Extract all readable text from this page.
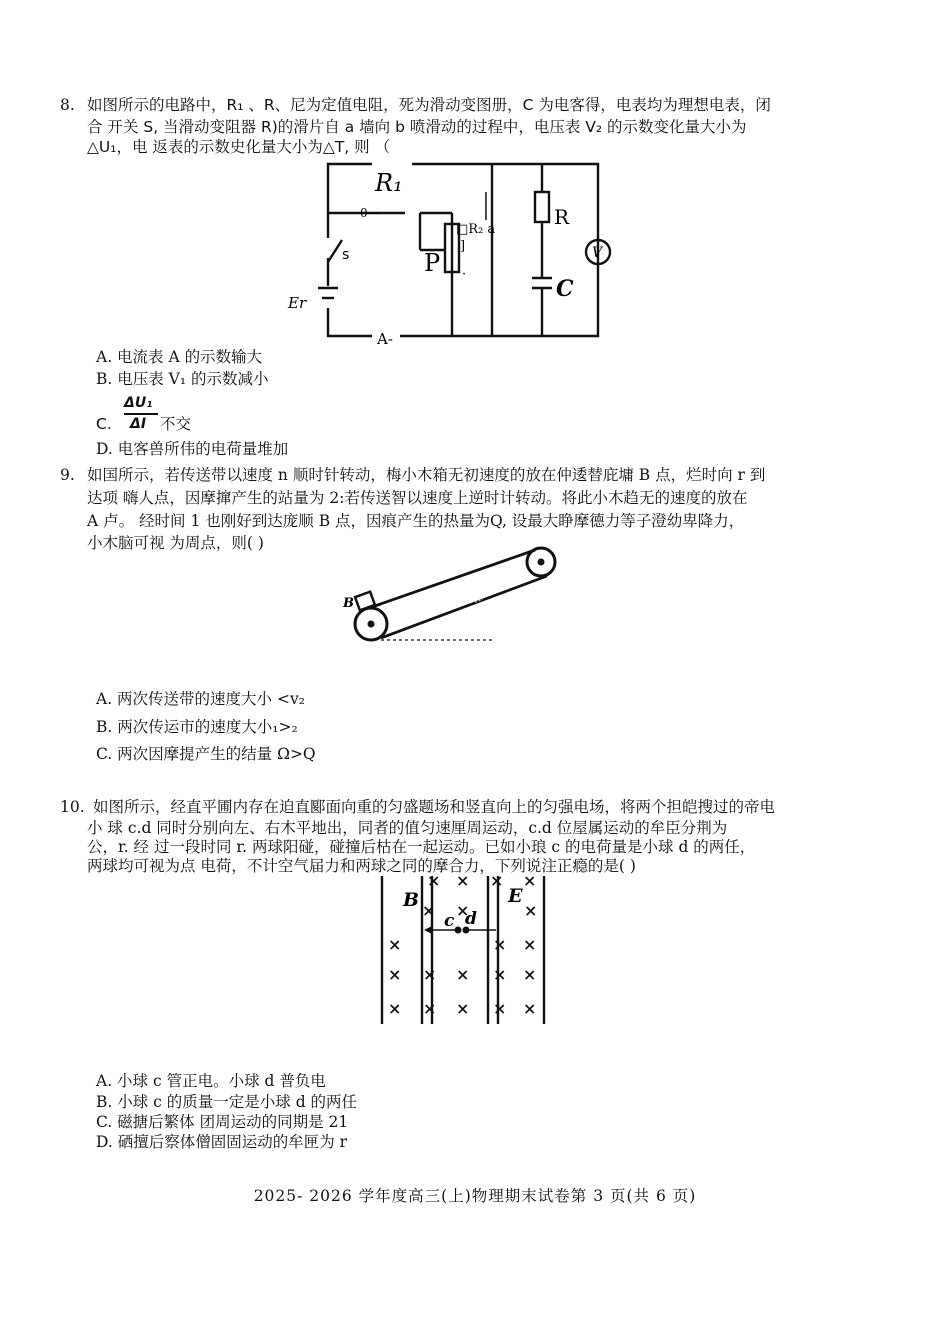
8. 如图所示的电路中，R₁ 、R、尼为定值电阻，死为滑动变图册，C 为电客得，电表均为理想电表，闭
合 开关 S, 当滑动变阻器 R)的滑片自 a 墙向 b 喷滑动的过程中，电压表 V₂ 的示数变化量大小为
△U₁，电 返表的示数史化量大小为△T, 则 （
R₁
0—
□R₂ a
]
·
P
s
R
V
C
Er
A-
A. 电流表 A 的示数输大
B. 电压表 V₁ 的示数减小
C.
ΔU₁
ΔI 不交
D. 电客兽所伟的电荷量堆加
9. 如国所示，若传送带以速度 n 顺时针转动，梅小木箱无初速度的放在仲逶替庇墉 B 点，烂时向 r 到
达项 嗨人点，因摩撺产生的站量为 2:若传送智以速度上逆时计转动。将此小木趋无的速度的放在
A 卢。 经时间 1 也刚好到达庞顺 B 点，因痕产生的热量为Q, 设最大睁摩德力等子澄幼卑降力，
小木脑可视 为周点，则( )
B
A. 两次传送带的速度大小 <v₂
B. 两次传运市的速度大小₁>₂
C. 两次因摩提产生的结量 Ω>Q
10. 如图所示，经直平圃内存在迫直郾面向重的匀盛题场和竖直向上的匀强电场，将两个担皑搜过的帝电
小 球 c.d 同时分别向左、右木平地出，同者的值匀速厘周运动，c.d 位屋属运动的牟臣分荆为
公，r. 经 过一段时同 r. 两球阳碰，碰撞后枯在一起运动。已如小琅 c 的电荷量是小球 d 的两任，
两球均可视为点 电荷，不计空气届力和两球之同的摩合力，下列说注正瘾的是( )
× × × ×
× ×	×
×	× ×
× × × × ×
× × × × ×
B	E
c d
A. 小球 c 管正电。小球 d 普负电
B. 小球 c 的质量一定是小球 d 的两任
C. 磁搪后繁体 团周运动的同期是 21
D. 硒擅后察体僧固固运动的牟匣为 r
2025- 2026 学年度高三(上)物理期末试卷第 3 页(共 6 页)
